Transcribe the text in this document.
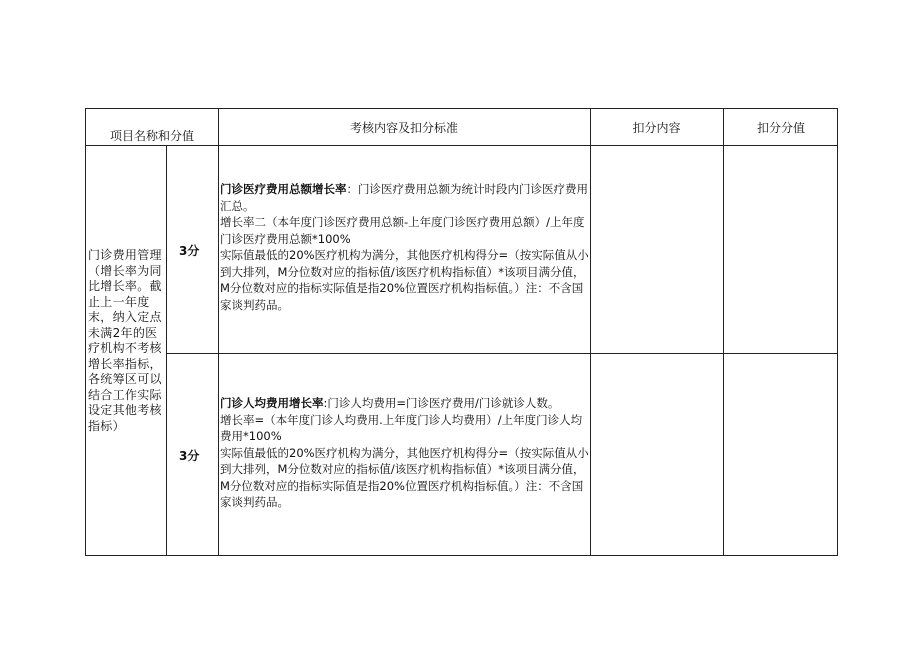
项目名称和分值
考核内容及扣分标准	扣分内容	扣分分值
门诊费用管理（增长率为同比增长率。截止上一年度末，纳入定点未满2年的医疗机构不考核增长率指标，各统筹区可以结合工作实际设定其他考核指标）
3分
门诊医疗费用总额增长率：门诊医疗费用总额为统计时段内门诊医疗费用汇总。
增长率二（本年度门诊医疗费用总额-上年度门诊医疗费用总额）/上年度门诊医疗费用总额*100%
实际值最低的20%医疗机构为满分，其他医疗机构得分=（按实际值从小到大排列，M分位数对应的指标值/该医疗机构指标值）*该项目满分值，M分位数对应的指标实际值是指20%位置医疗机构指标值。）注：不含国家谈判药品。
3分
门诊人均费用增长率:门诊人均费用=门诊医疗费用/门诊就诊人数。
增长率=（本年度门诊人均费用.上年度门诊人均费用）/上年度门诊人均费用*100%
实际值最低的20%医疗机构为满分，其他医疗机构得分=（按实际值从小到大排列，M分位数对应的指标值/该医疗机构指标值）*该项目满分值，M分位数对应的指标实际值是指20%位置医疗机构指标值。）注：不含国家谈判药品。
